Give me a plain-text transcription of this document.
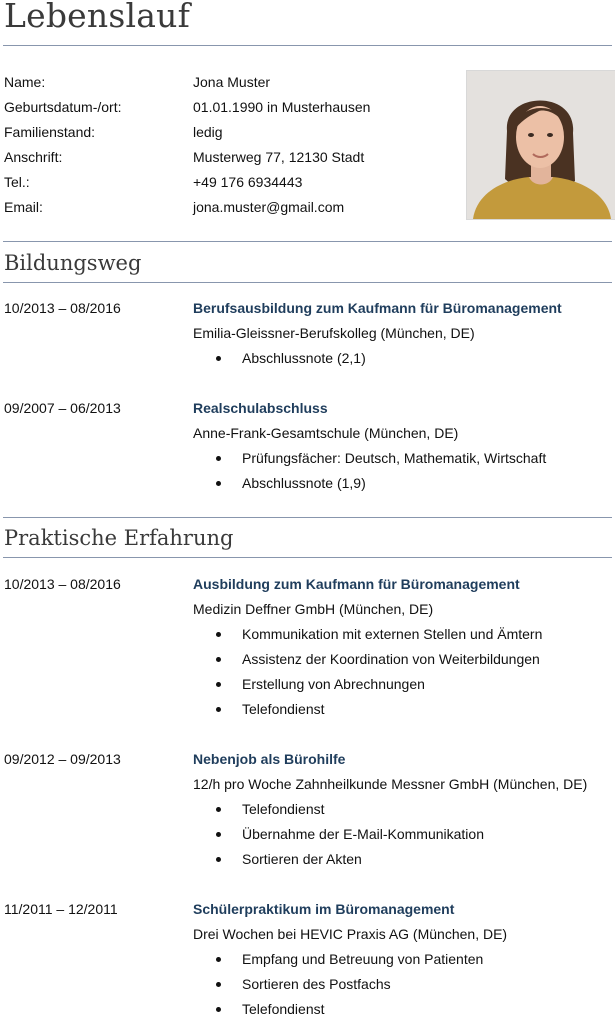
Lebenslauf
Name:	Jona Muster
Geburtsdatum-/ort:	01.01.1990 in Musterhausen
Familienstand:	ledig
Anschrift:	Musterweg 77, 12130 Stadt
Tel.:	+49 176 6934443
Email:	jona.muster@gmail.com
Bildungsweg
10/2013 – 08/2016	Berufsausbildung zum Kaufmann für Büromanagement
Emilia-Gleissner-Berufskolleg (München, DE)
Abschlussnote (2,1)
09/2007 – 06/2013	Realschulabschluss
Anne-Frank-Gesamtschule (München, DE)
Prüfungsfächer: Deutsch, Mathematik, Wirtschaft
Abschlussnote (1,9)
Praktische Erfahrung
10/2013 – 08/2016	Ausbildung zum Kaufmann für Büromanagement
Medizin Deffner GmbH (München, DE)
Kommunikation mit externen Stellen und Ämtern
Assistenz der Koordination von Weiterbildungen
Erstellung von Abrechnungen
Telefondienst
09/2012 – 09/2013	Nebenjob als Bürohilfe
12/h pro Woche Zahnheilkunde Messner GmbH (München, DE)
Telefondienst
Übernahme der E-Mail-Kommunikation
Sortieren der Akten
11/2011 – 12/2011	Schülerpraktikum im Büromanagement
Drei Wochen bei HEVIC Praxis AG (München, DE)
Empfang und Betreuung von Patienten
Sortieren des Postfachs
Telefondienst
